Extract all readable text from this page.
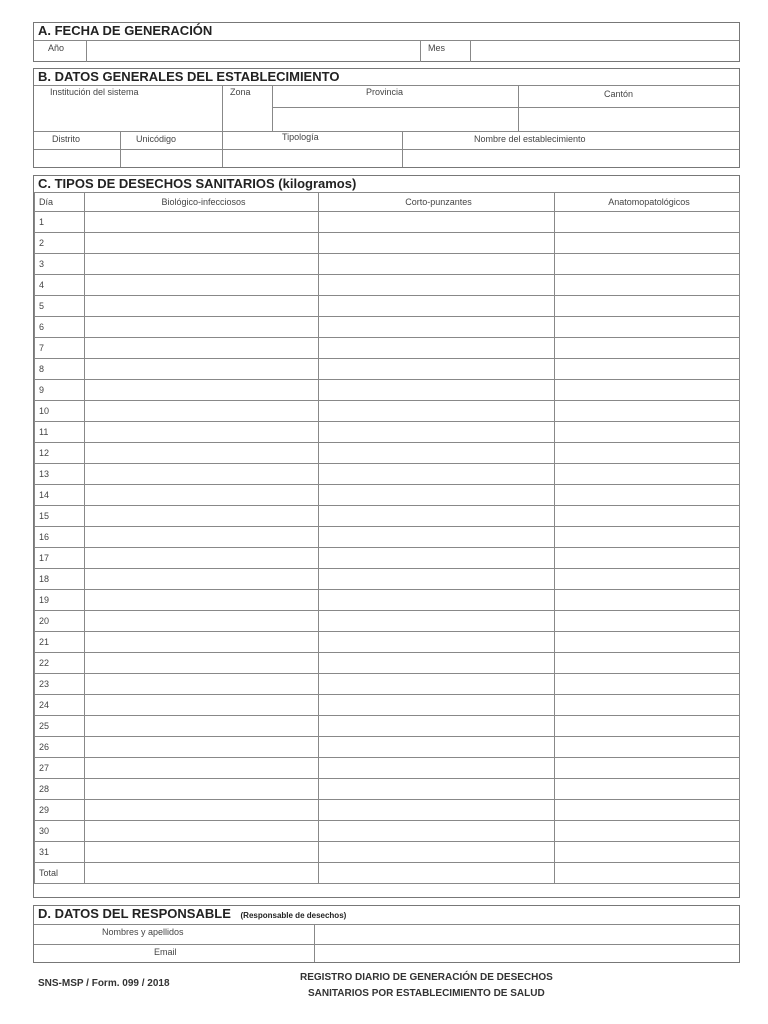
A. FECHA DE GENERACIÓN
Año	Mes
B. DATOS GENERALES DEL ESTABLECIMIENTO
Institución del sistema	Zona	Provincia	Cantón
Distrito	Unicódigo	Tipología	Nombre del establecimiento
C. TIPOS DE DESECHOS SANITARIOS (kilogramos)
Día	Biológico-infecciosos	Corto-punzantes	Anatomopatológicos
1			
2			
3			
4			
5			
6			
7			
8			
9			
10			
11			
12			
13			
14			
15			
16			
17			
18			
19			
20			
21			
22			
23			
24			
25			
26			
27			
28			
29			
30			
31			
Total			
D. DATOS DEL RESPONSABLE (Responsable de desechos)
Nombres y apellidos
Email
SNS-MSP / Form. 099 / 2018
REGISTRO DIARIO DE GENERACIÓN DE DESECHOS
SANITARIOS POR ESTABLECIMIENTO DE SALUD
